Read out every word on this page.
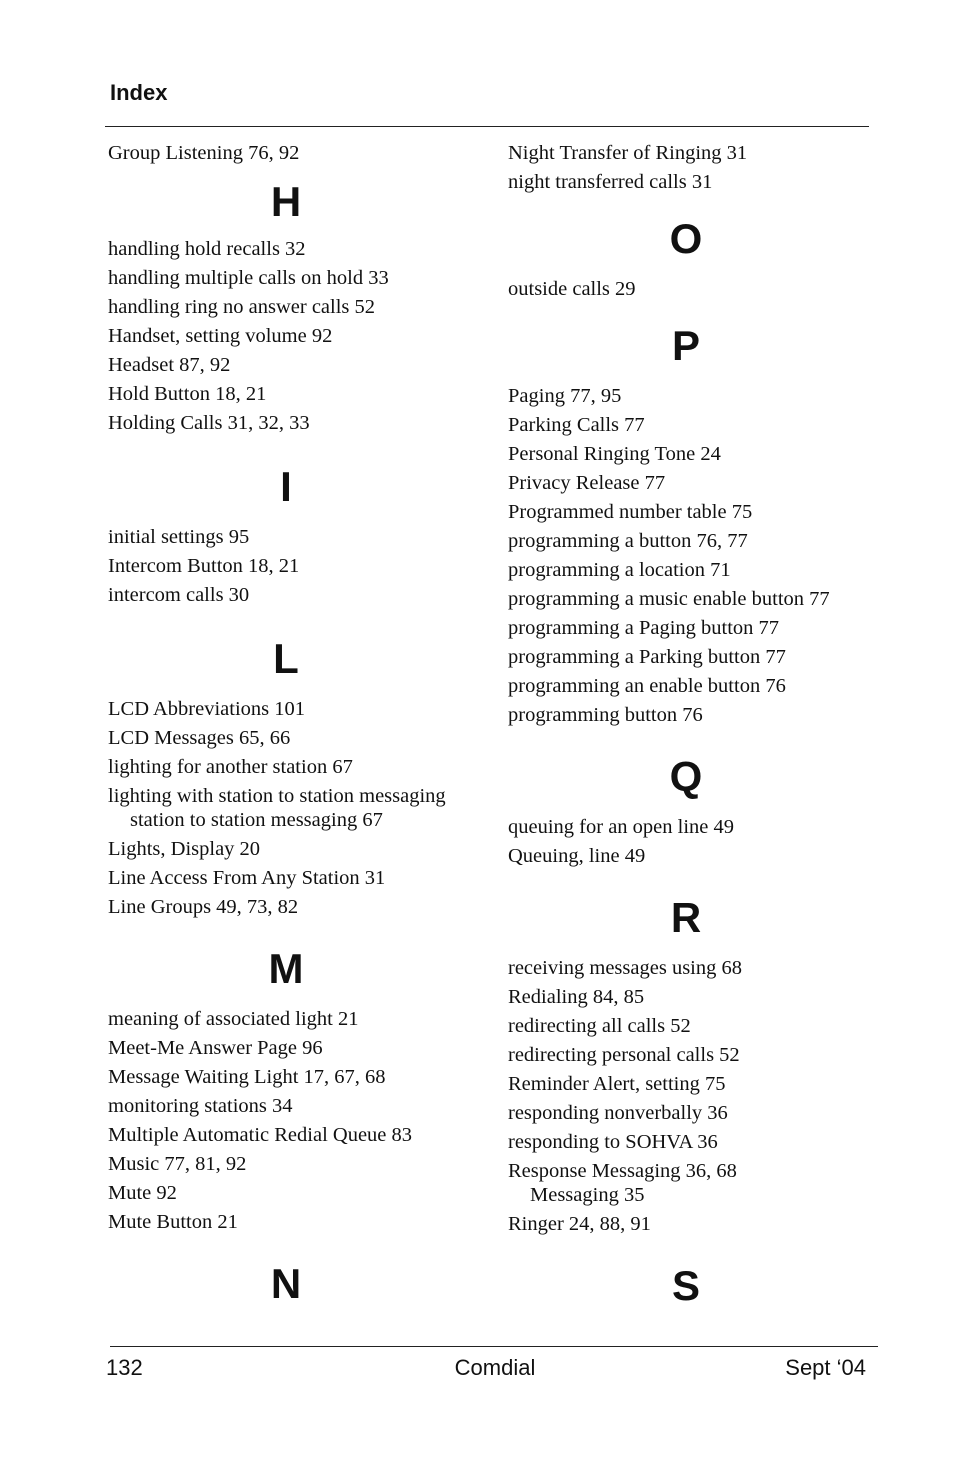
Index
Group Listening 76, 92
H
handling hold recalls 32
handling multiple calls on hold 33
handling ring no answer calls 52
Handset, setting volume 92
Headset 87, 92
Hold Button 18, 21
Holding Calls 31, 32, 33
I
initial settings 95
Intercom Button 18, 21
intercom calls 30
L
LCD Abbreviations 101
LCD Messages 65, 66
lighting for another station 67
lighting with station to station messaging
station to station messaging 67
Lights, Display 20
Line Access From Any Station 31
Line Groups 49, 73, 82
M
meaning of associated light 21
Meet-Me Answer Page 96
Message Waiting Light 17, 67, 68
monitoring stations 34
Multiple Automatic Redial Queue 83
Music 77, 81, 92
Mute 92
Mute Button 21
N
Night Transfer of Ringing 31
night transferred calls 31
O
outside calls 29
P
Paging 77, 95
Parking Calls 77
Personal Ringing Tone 24
Privacy Release 77
Programmed number table 75
programming a button 76, 77
programming a location 71
programming a music enable button 77
programming a Paging button 77
programming a Parking button 77
programming an enable button 76
programming button 76
Q
queuing for an open line 49
Queuing, line 49
R
receiving messages using 68
Redialing 84, 85
redirecting all calls 52
redirecting personal calls 52
Reminder Alert, setting 75
responding nonverbally 36
responding to SOHVA 36
Response Messaging 36, 68
Messaging 35
Ringer 24, 88, 91
S
132	Comdial	Sept ‘04
